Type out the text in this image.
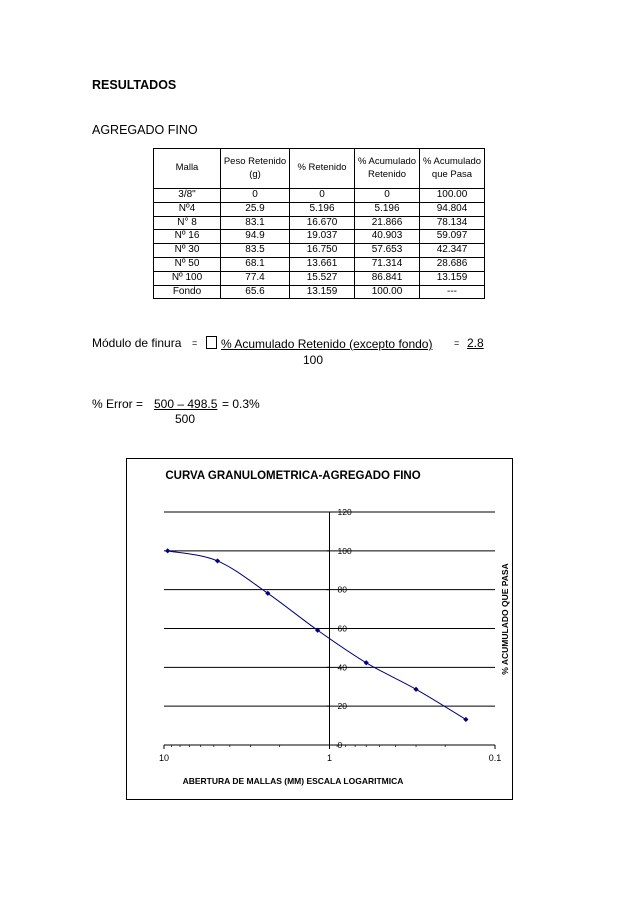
RESULTADOS
AGREGADO FINO
Malla	Peso Retenido (g)	% Retenido	% Acumulado Retenido	% Acumulado que Pasa
3/8"	0	0	0	100.00
Nº4	25.9	5.196	5.196	94.804
N° 8	83.1	16.670	21.866	78.134
Nº 16	94.9	19.037	40.903	59.097
Nº 30	83.5	16.750	57.653	42.347
Nº 50	68.1	13.661	71.314	28.686
Nº 100	77.4	15.527	86.841	13.159
Fondo	65.6	13.159	100.00	---
Módulo de finura =	% Acumulado Retenido (excepto fondo)	= 2.8
100
% Error = 500 – 498.5 = 0.3%
500
CURVA GRANULOMETRICA-AGREGADO FINO
0
20
40
60
80
100
120
10	1	0.1
ABERTURA DE MALLAS (MM) ESCALA LOGARITMICA
% ACUMULADO QUE PASA
